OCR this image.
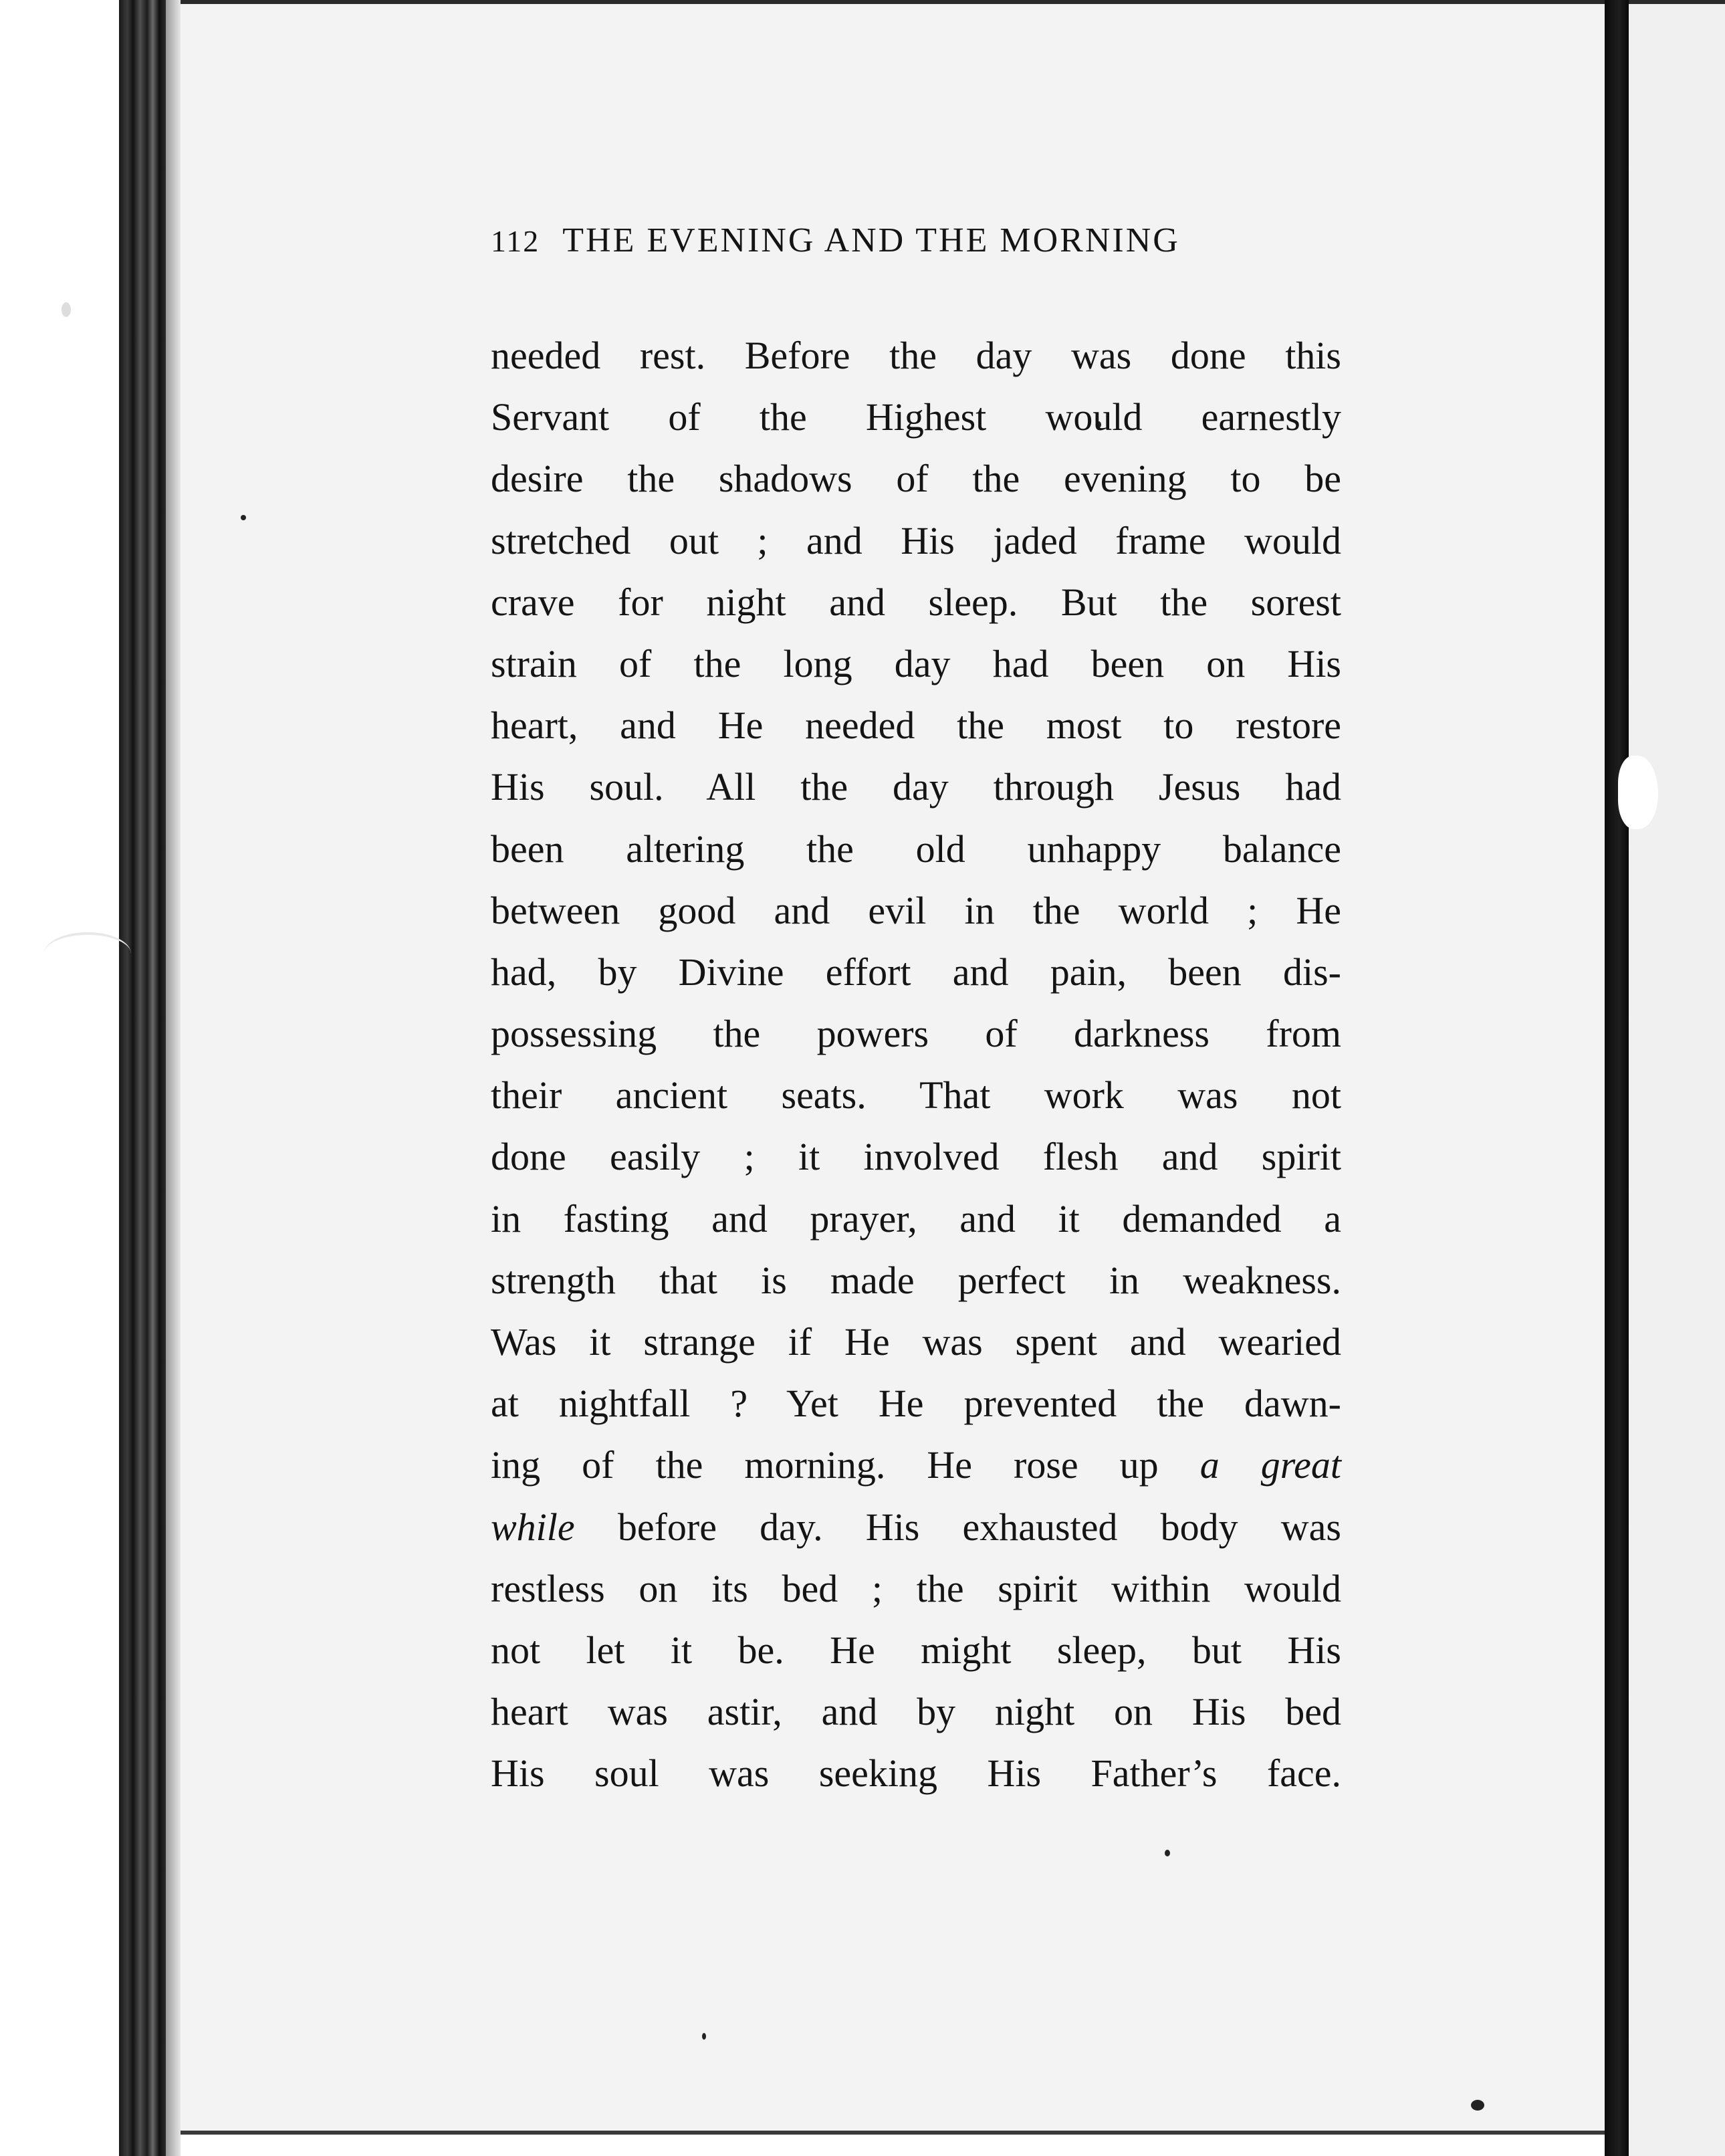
112 THE EVENING AND THE MORNING
needed rest. Before the day was done this
Servant of the Highest would earnestly
desire the shadows of the evening to be
stretched out ; and His jaded frame would
crave for night and sleep. But the sorest
strain of the long day had been on His
heart, and He needed the most to restore
His soul. All the day through Jesus had
been altering the old unhappy balance
between good and evil in the world ; He
had, by Divine effort and pain, been dis-
possessing the powers of darkness from
their ancient seats. That work was not
done easily ; it involved flesh and spirit
in fasting and prayer, and it demanded a
strength that is made perfect in weakness.
Was it strange if He was spent and wearied
at nightfall ? Yet He prevented the dawn-
ing of the morning. He rose up a great
while before day. His exhausted body was
restless on its bed ; the spirit within would
not let it be. He might sleep, but His
heart was astir, and by night on His bed
His soul was seeking His Father’s face.
